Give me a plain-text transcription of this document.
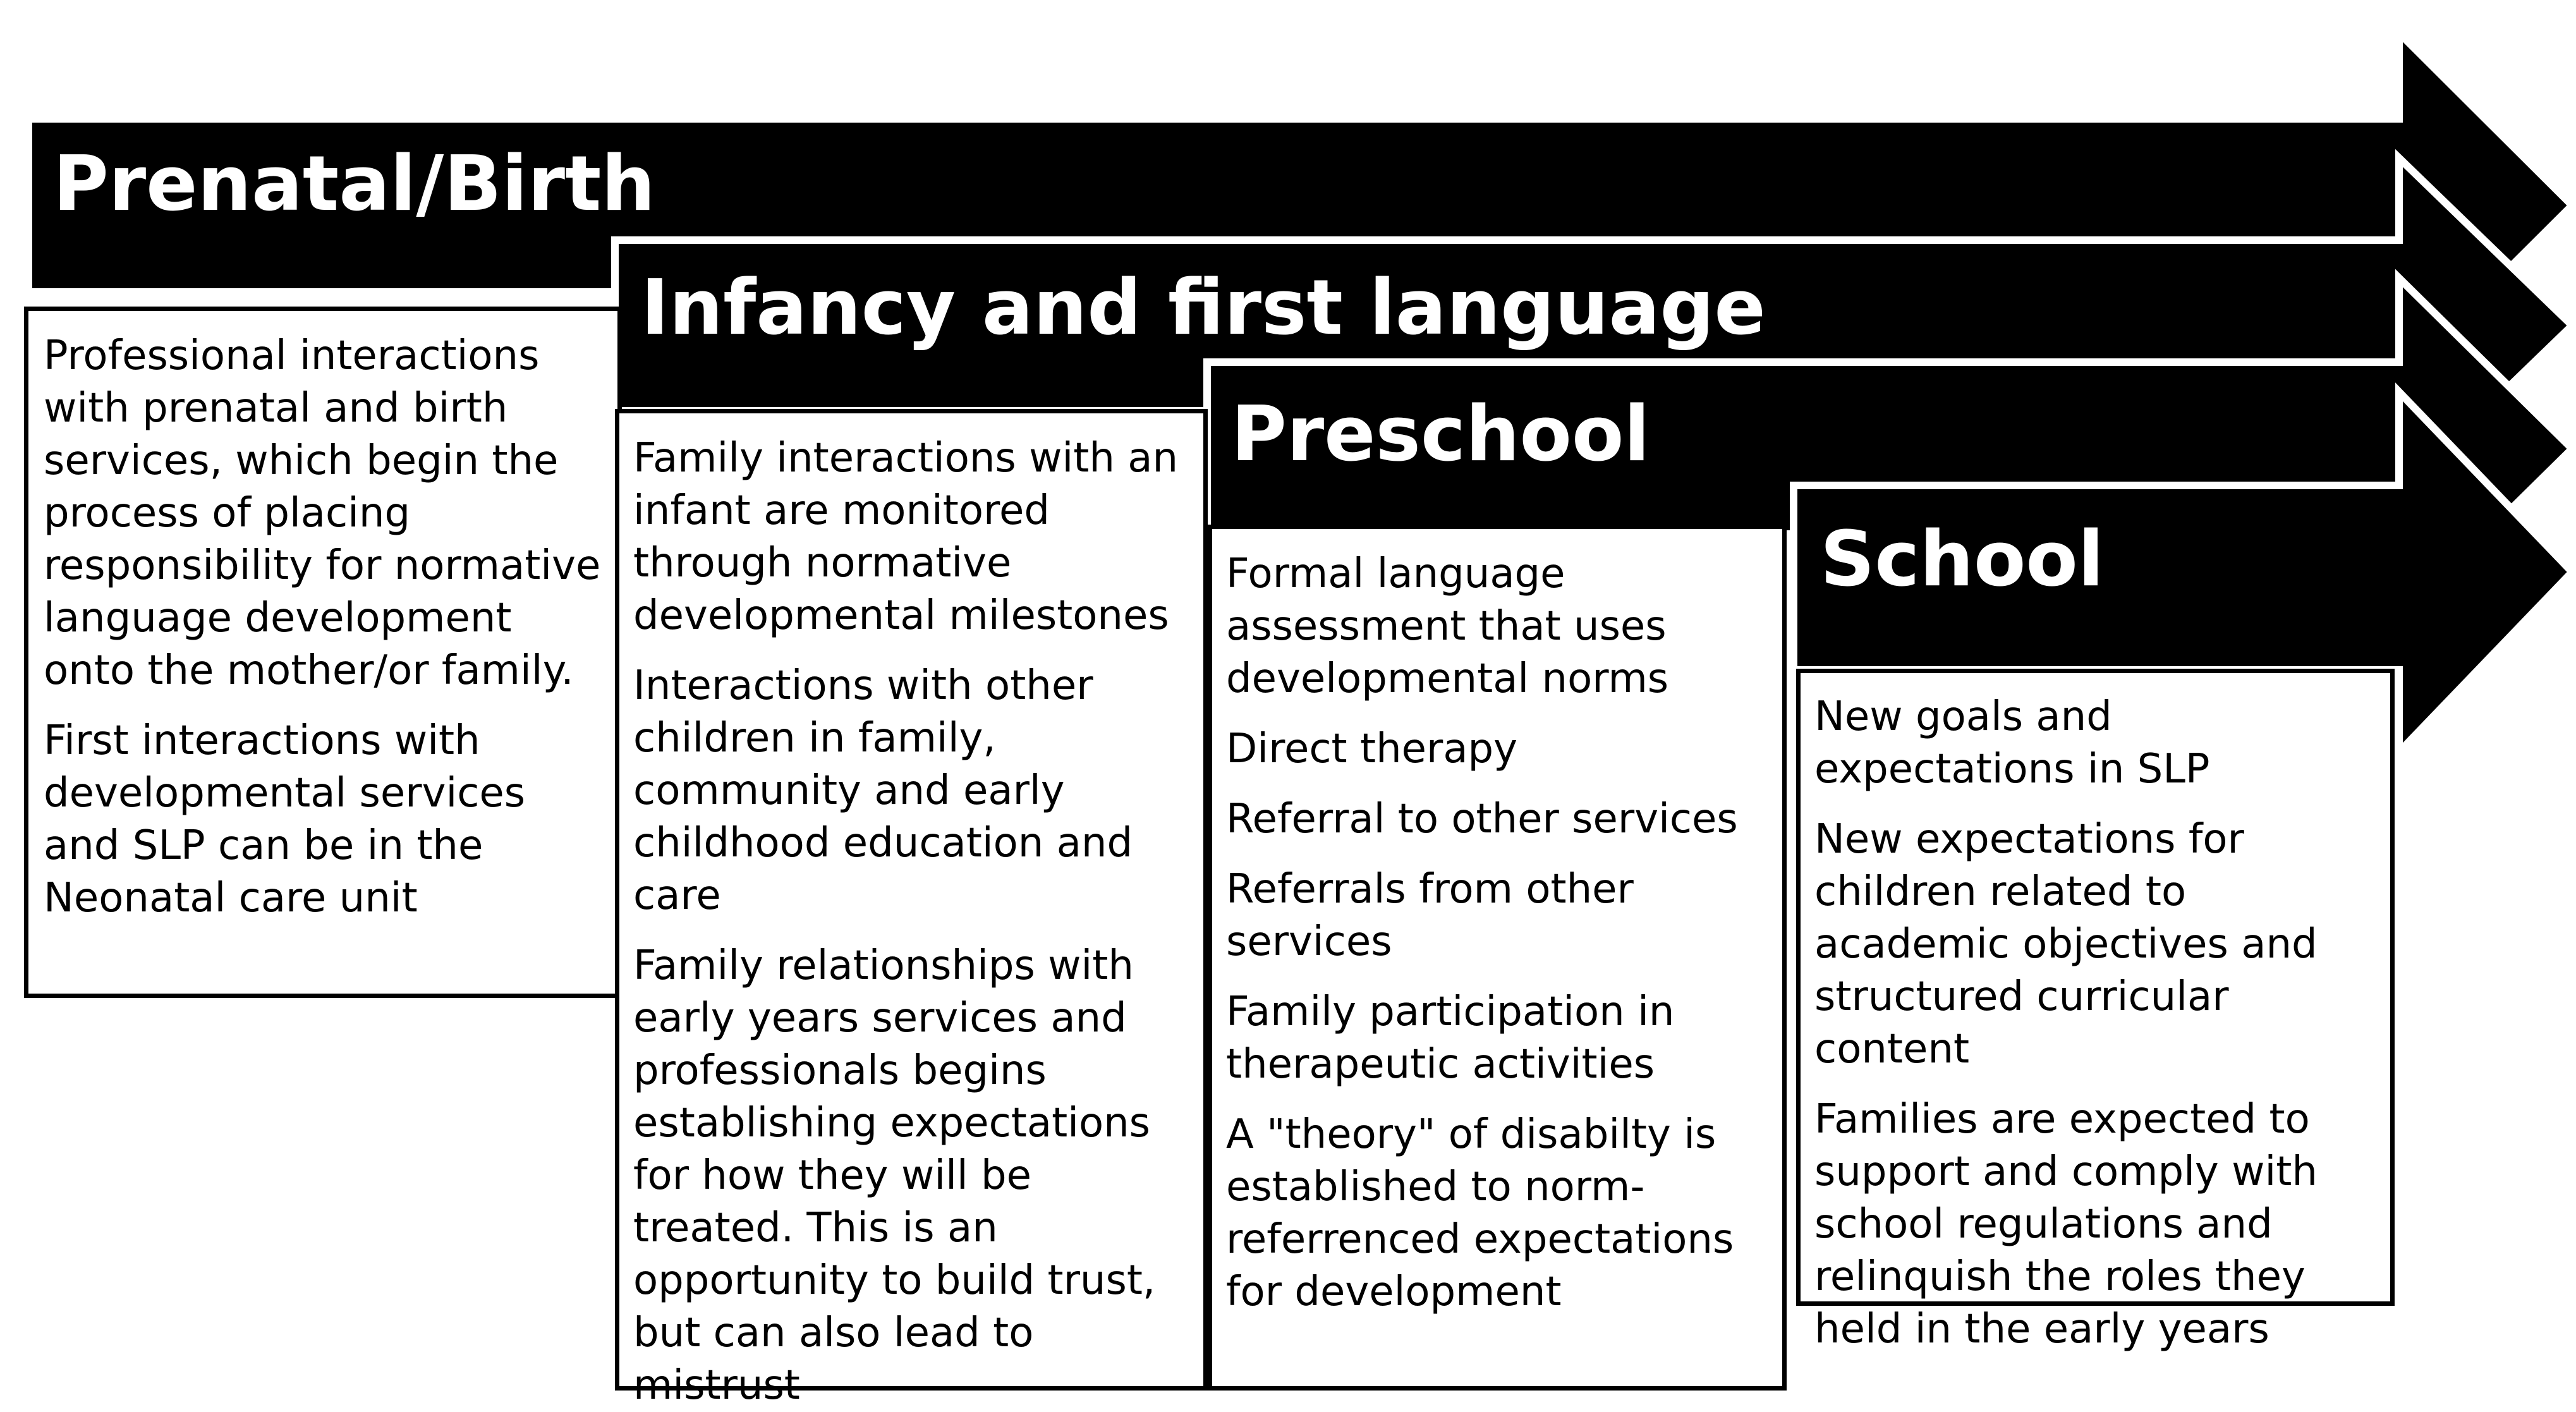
Prenatal/Birth
Infancy and first language
Preschool
School

Professional interactions with prenatal and birth services, which begin the process of placing responsibility for normative language development onto the mother/or family.

First interactions with developmental services and SLP can be in the Neonatal care unit

Family interactions with an infant are monitored through normative developmental milestones

Interactions with other children in family, community and early childhood education and care

Family relationships with early years services and professionals begins establishing expectations for how they will be treated. This is an opportunity to build trust, but can also lead to mistrust

Formal language assessment that uses developmental norms

Direct therapy

Referral to other services

Referrals from other services

Family participation in therapeutic activities

A "theory" of disabilty is established to norm-referrenced expectations for development

New goals and expectations in SLP

New expectations for children related to academic objectives and structured curricular content

Families are expected to support and comply with school regulations and relinquish the roles they held in the early years
